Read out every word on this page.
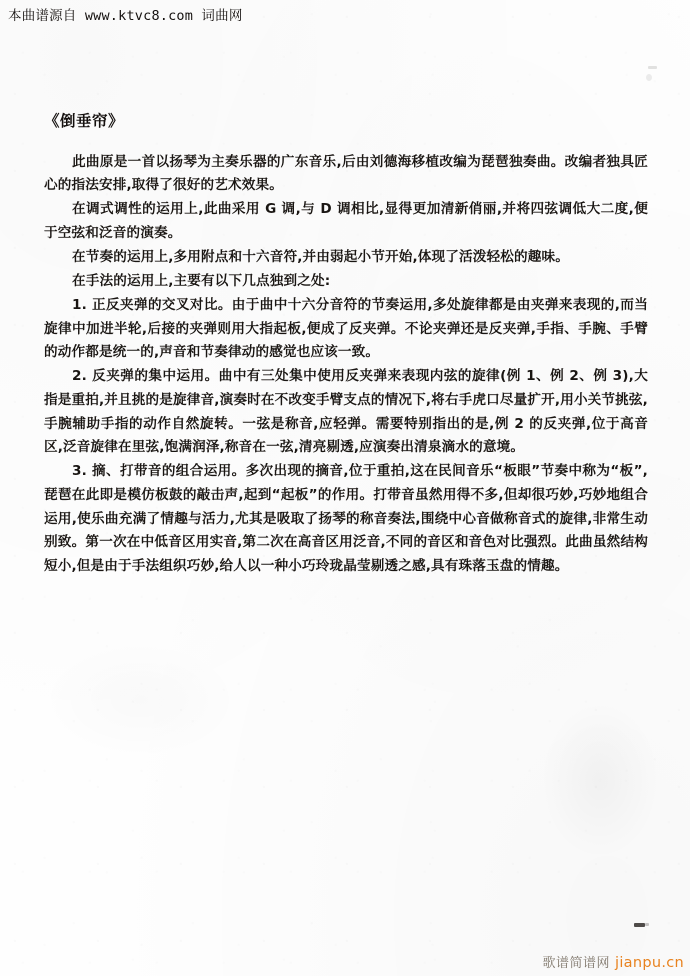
本曲谱源自 www.ktvc8.com 词曲网
《倒垂帘》

此曲原是一首以扬琴为主奏乐器的广东音乐,后由刘德海移植改编为琵琶独奏曲。改编者独具匠心的指法安排,取得了很好的艺术效果。

在调式调性的运用上,此曲采用 G 调,与 D 调相比,显得更加清新俏丽,并将四弦调低大二度,便于空弦和泛音的演奏。

在节奏的运用上,多用附点和十六音符,并由弱起小节开始,体现了活泼轻松的趣味。

在手法的运用上,主要有以下几点独到之处:

1. 正反夹弹的交叉对比。由于曲中十六分音符的节奏运用,多处旋律都是由夹弹来表现的,而当旋律中加进半轮,后接的夹弹则用大指起板,便成了反夹弹。不论夹弹还是反夹弹,手指、手腕、手臂的动作都是统一的,声音和节奏律动的感觉也应该一致。

2. 反夹弹的集中运用。曲中有三处集中使用反夹弹来表现内弦的旋律(例 1、例 2、例 3),大指是重拍,并且挑的是旋律音,演奏时在不改变手臂支点的情况下,将右手虎口尽量扩开,用小关节挑弦,手腕辅助手指的动作自然旋转。一弦是称音,应轻弹。需要特别指出的是,例 2 的反夹弹,位于高音区,泛音旋律在里弦,饱满润泽,称音在一弦,清亮剔透,应演奏出清泉滴水的意境。

3. 摘、打带音的组合运用。多次出现的摘音,位于重拍,这在民间音乐“板眼”节奏中称为“板”,琵琶在此即是模仿板鼓的敲击声,起到“起板”的作用。打带音虽然用得不多,但却很巧妙,巧妙地组合运用,使乐曲充满了情趣与活力,尤其是吸取了扬琴的称音奏法,围绕中心音做称音式的旋律,非常生动别致。第一次在中低音区用实音,第二次在高音区用泛音,不同的音区和音色对比强烈。此曲虽然结构短小,但是由于手法组织巧妙,给人以一种小巧玲珑晶莹剔透之感,具有珠落玉盘的情趣。

歌谱简谱网 jianpu.cn
